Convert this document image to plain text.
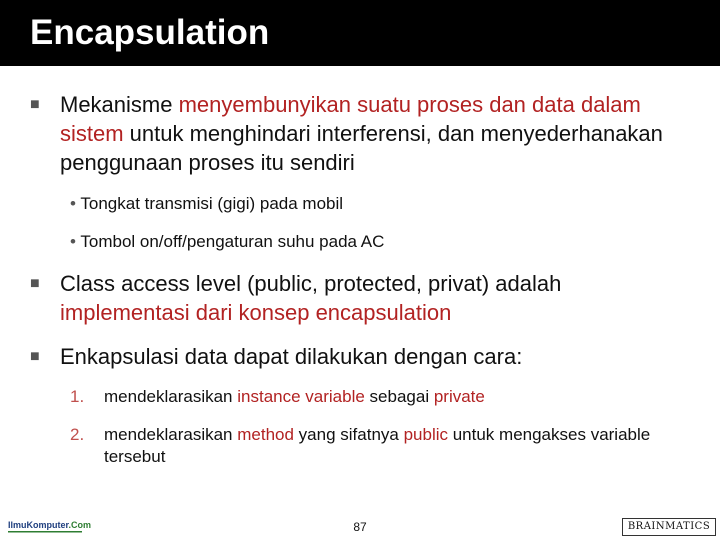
Encapsulation
■ Mekanisme menyembunyikan suatu proses dan data dalam sistem untuk menghindari interferensi, dan menyederhanakan penggunaan proses itu sendiri
• Tongkat transmisi (gigi) pada mobil
• Tombol on/off/pengaturan suhu pada AC
■ Class access level (public, protected, privat) adalah implementasi dari konsep encapsulation
■ Enkapsulasi data dapat dilakukan dengan cara:
1. mendeklarasikan instance variable sebagai private
2. mendeklarasikan method yang sifatnya public untuk mengakses variable tersebut
IlmuKomputer.Com	87	BRAINMATICS
